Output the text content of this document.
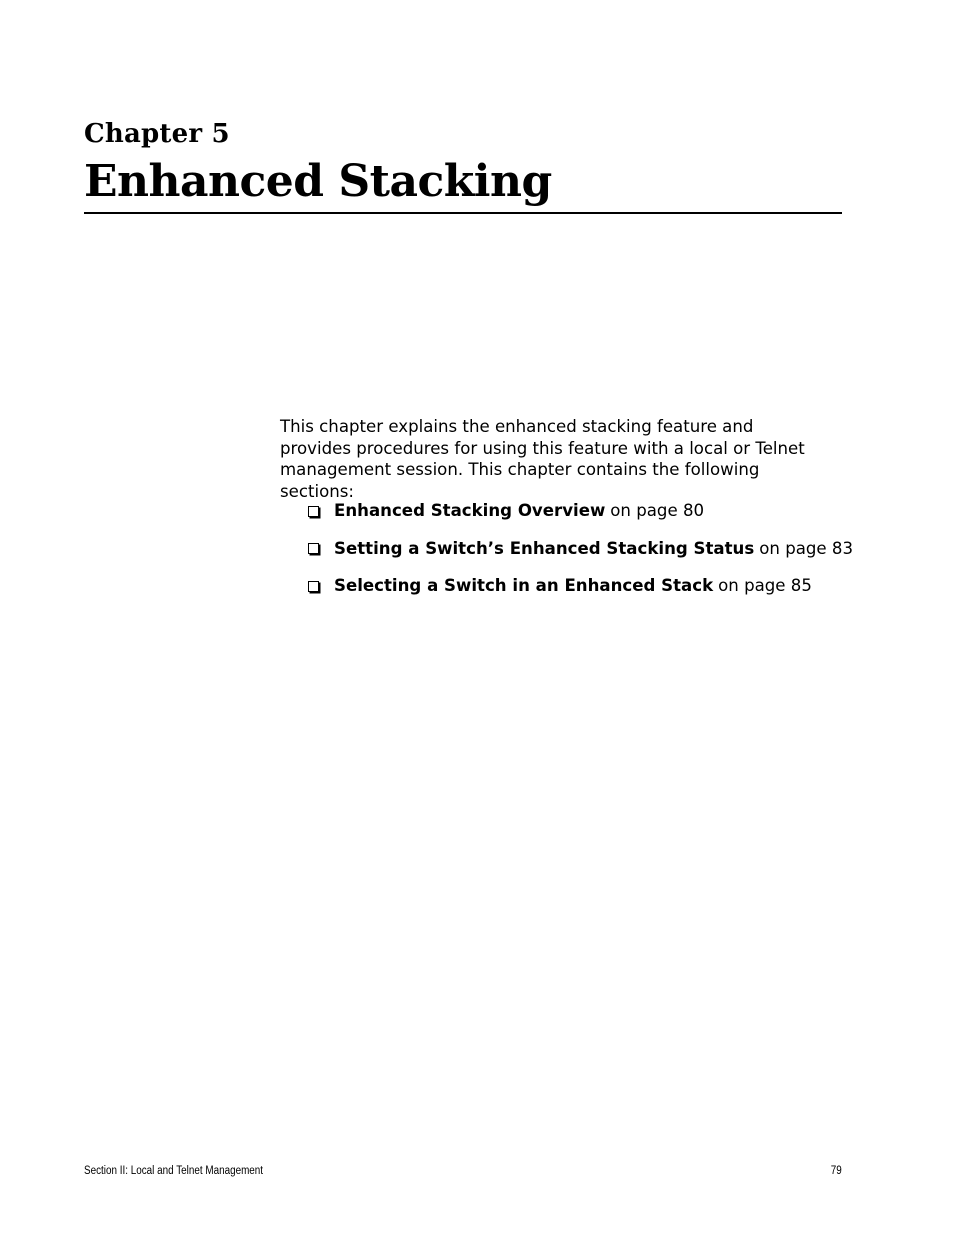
Chapter 5
Enhanced Stacking

This chapter explains the enhanced stacking feature and provides procedures for using this feature with a local or Telnet management session. This chapter contains the following sections:

Enhanced Stacking Overview on page 80
Setting a Switch’s Enhanced Stacking Status on page 83
Selecting a Switch in an Enhanced Stack on page 85
Section II: Local and Telnet Management	79
